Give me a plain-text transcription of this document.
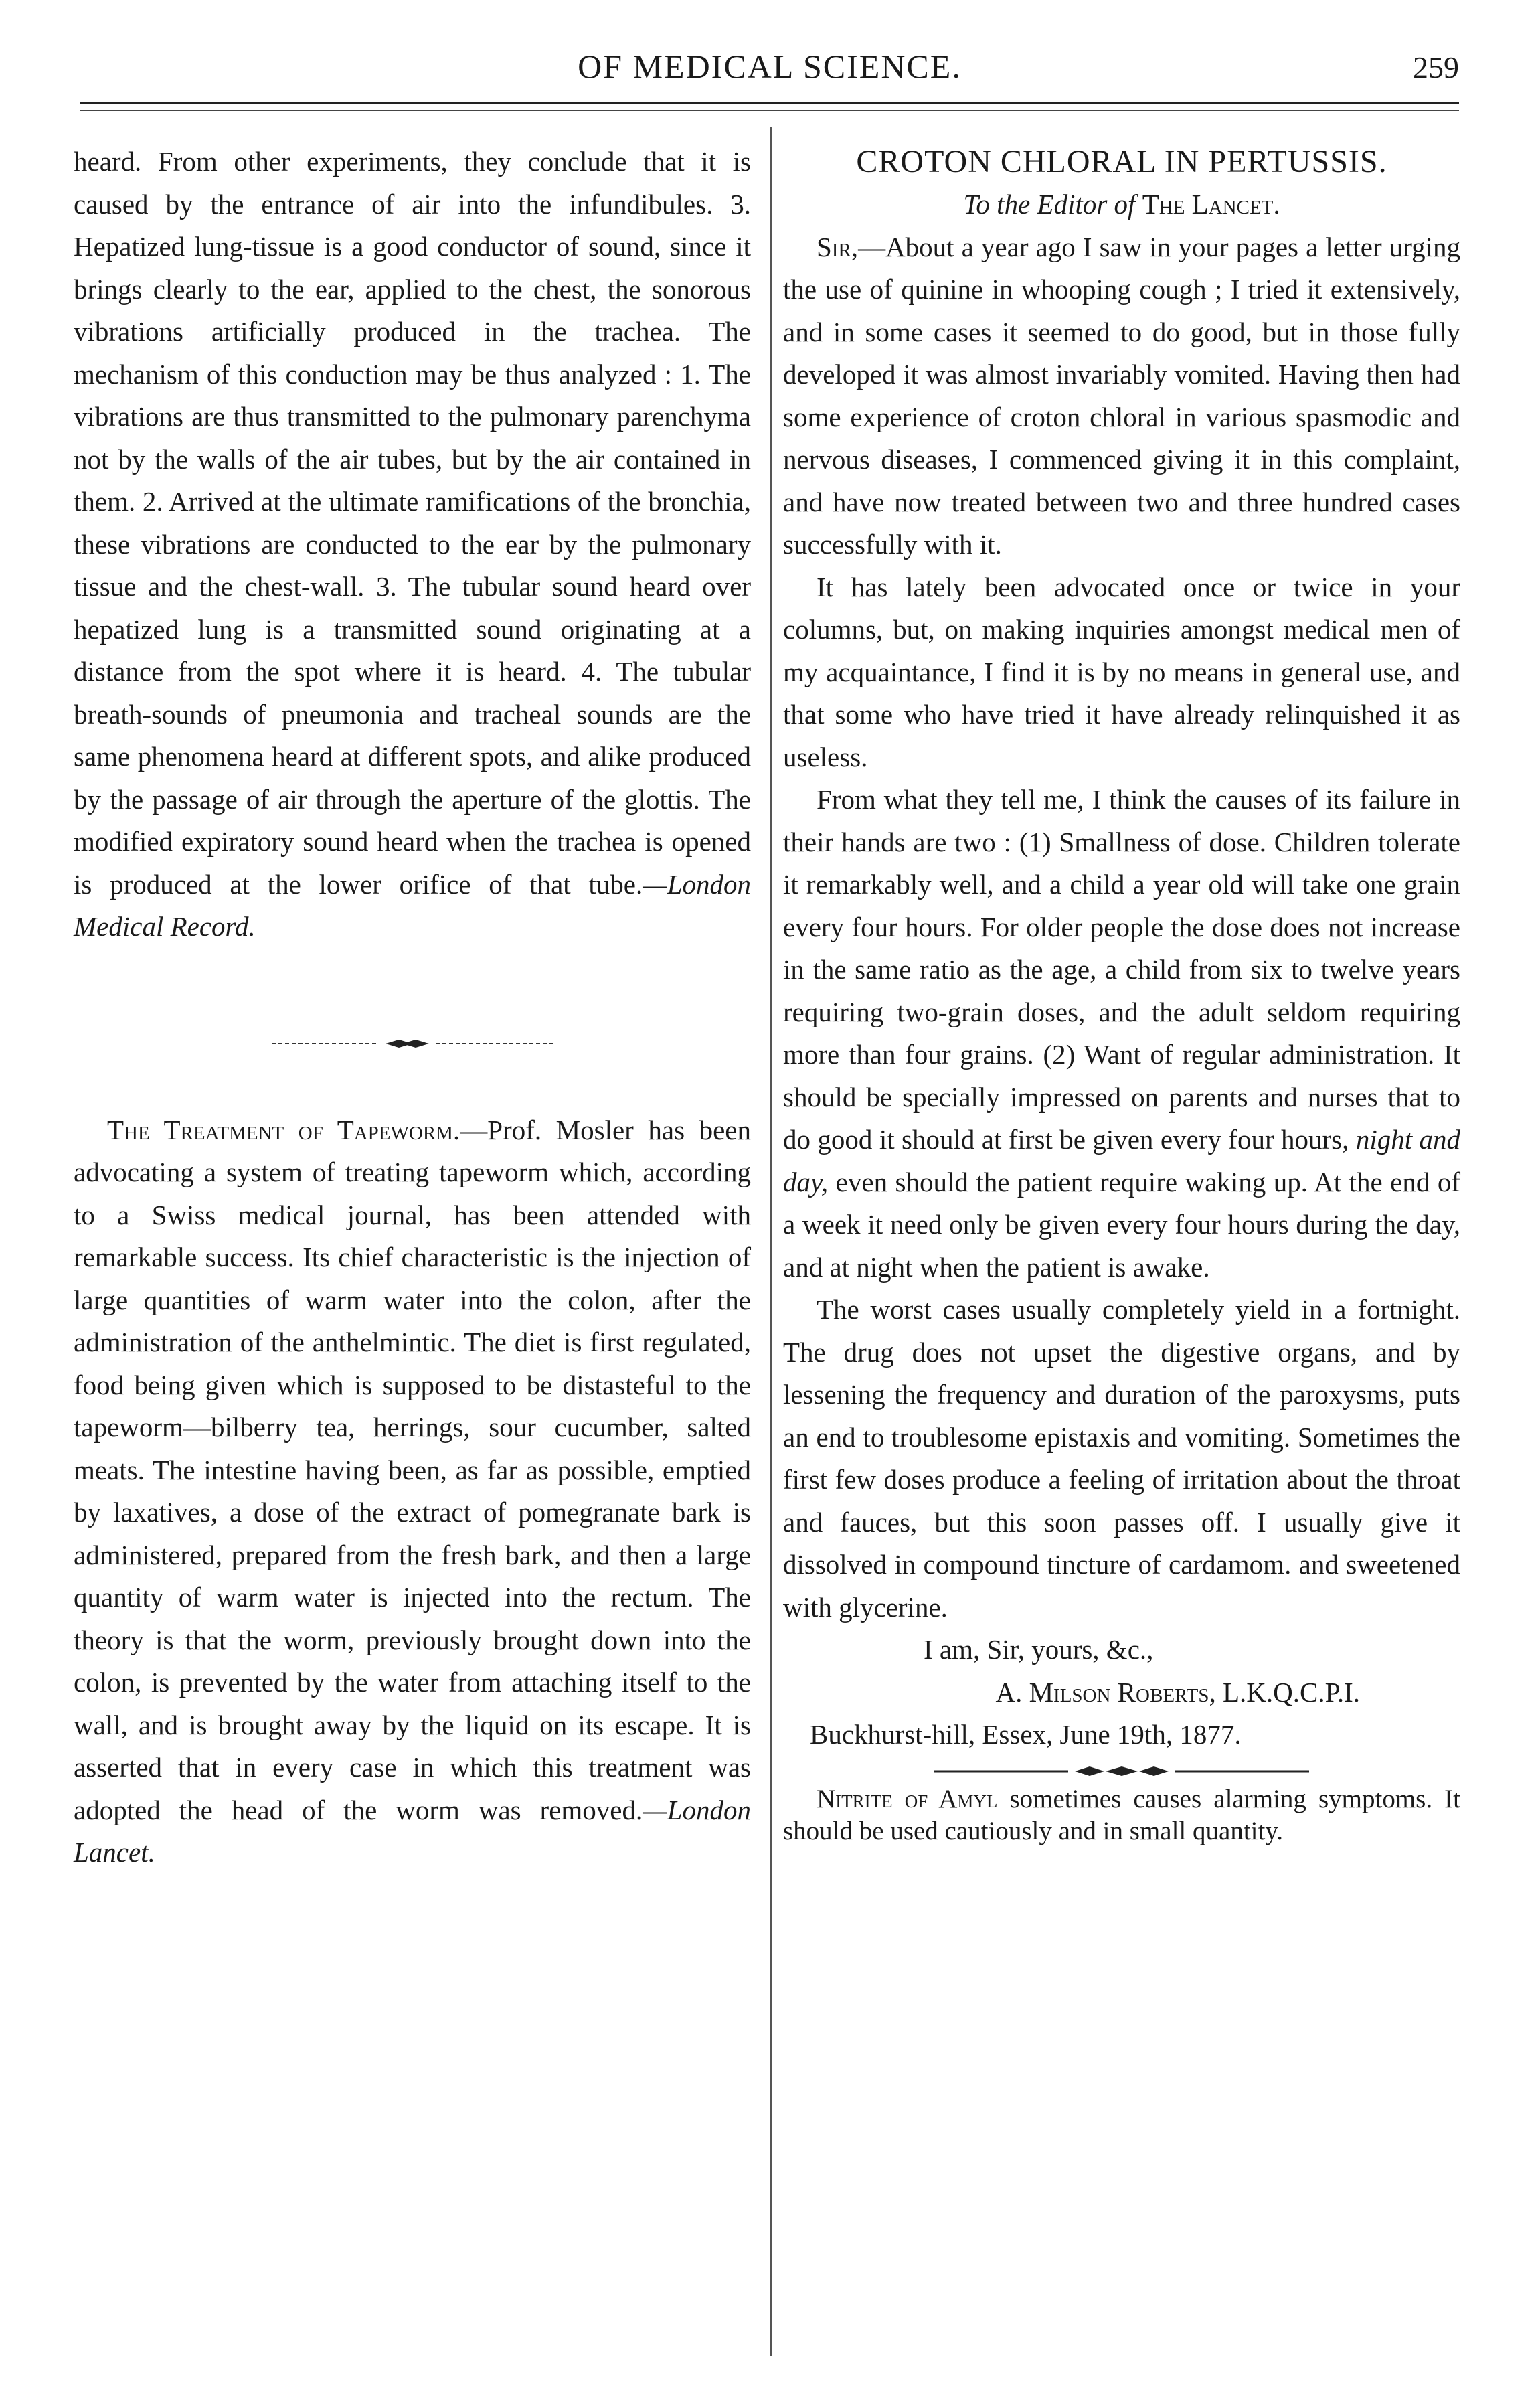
OF MEDICAL SCIENCE.	259

heard. From other experiments, they conclude that it is caused by the entrance of air into the infundibules. 3. Hepatized lung-tissue is a good conductor of sound, since it brings clearly to the ear, applied to the chest, the sonorous vibrations artificially produced in the trachea. The mechanism of this conduction may be thus analyzed : 1. The vibrations are thus transmitted to the pulmonary parenchyma not by the walls of the air tubes, but by the air contained in them. 2. Arrived at the ultimate ramifications of the bronchia, these vibrations are conducted to the ear by the pulmonary tissue and the chest-wall. 3. The tubular sound heard over hepatized lung is a transmitted sound originating at a distance from the spot where it is heard. 4. The tubular breath-sounds of pneumonia and tracheal sounds are the same phenomena heard at different spots, and alike produced by the passage of air through the aperture of the glottis. The modified expiratory sound heard when the trachea is opened is produced at the lower orifice of that tube.—London Medical Record.

The Treatment of Tapeworm.—Prof. Mosler has been advocating a system of treating tapeworm which, according to a Swiss medical journal, has been attended with remarkable success. Its chief characteristic is the injection of large quantities of warm water into the colon, after the administration of the anthelmintic. The diet is first regulated, food being given which is supposed to be distasteful to the tapeworm—bilberry tea, herrings, sour cucumber, salted meats. The intestine having been, as far as possible, emptied by laxatives, a dose of the extract of pomegranate bark is administered, prepared from the fresh bark, and then a large quantity of warm water is injected into the rectum. The theory is that the worm, previously brought down into the colon, is prevented by the water from attaching itself to the wall, and is brought away by the liquid on its escape. It is asserted that in every case in which this treatment was adopted the head of the worm was removed.—London Lancet.

CROTON CHLORAL IN PERTUSSIS.

To the Editor of The Lancet.

Sir,—About a year ago I saw in your pages a letter urging the use of quinine in whooping cough ; I tried it extensively, and in some cases it seemed to do good, but in those fully developed it was almost invariably vomited. Having then had some experience of croton chloral in various spasmodic and nervous diseases, I commenced giving it in this complaint, and have now treated between two and three hundred cases successfully with it.

It has lately been advocated once or twice in your columns, but, on making inquiries amongst medical men of my acquaintance, I find it is by no means in general use, and that some who have tried it have already relinquished it as useless.

From what they tell me, I think the causes of its failure in their hands are two : (1) Smallness of dose. Children tolerate it remarkably well, and a child a year old will take one grain every four hours. For older people the dose does not increase in the same ratio as the age, a child from six to twelve years requiring two-grain doses, and the adult seldom requiring more than four grains. (2) Want of regular administration. It should be specially impressed on parents and nurses that to do good it should at first be given every four hours, night and day, even should the patient require waking up. At the end of a week it need only be given every four hours during the day, and at night when the patient is awake.

The worst cases usually completely yield in a fortnight. The drug does not upset the digestive organs, and by lessening the frequency and duration of the paroxysms, puts an end to troublesome epistaxis and vomiting. Sometimes the first few doses produce a feeling of irritation about the throat and fauces, but this soon passes off. I usually give it dissolved in compound tincture of cardamom. and sweetened with glycerine.

I am, Sir, yours, &c.,

A. Milson Roberts, L.K.Q.C.P.I.

Buckhurst-hill, Essex, June 19th, 1877.

Nitrite of Amyl sometimes causes alarming symptoms. It should be used cautiously and in small quantity.
